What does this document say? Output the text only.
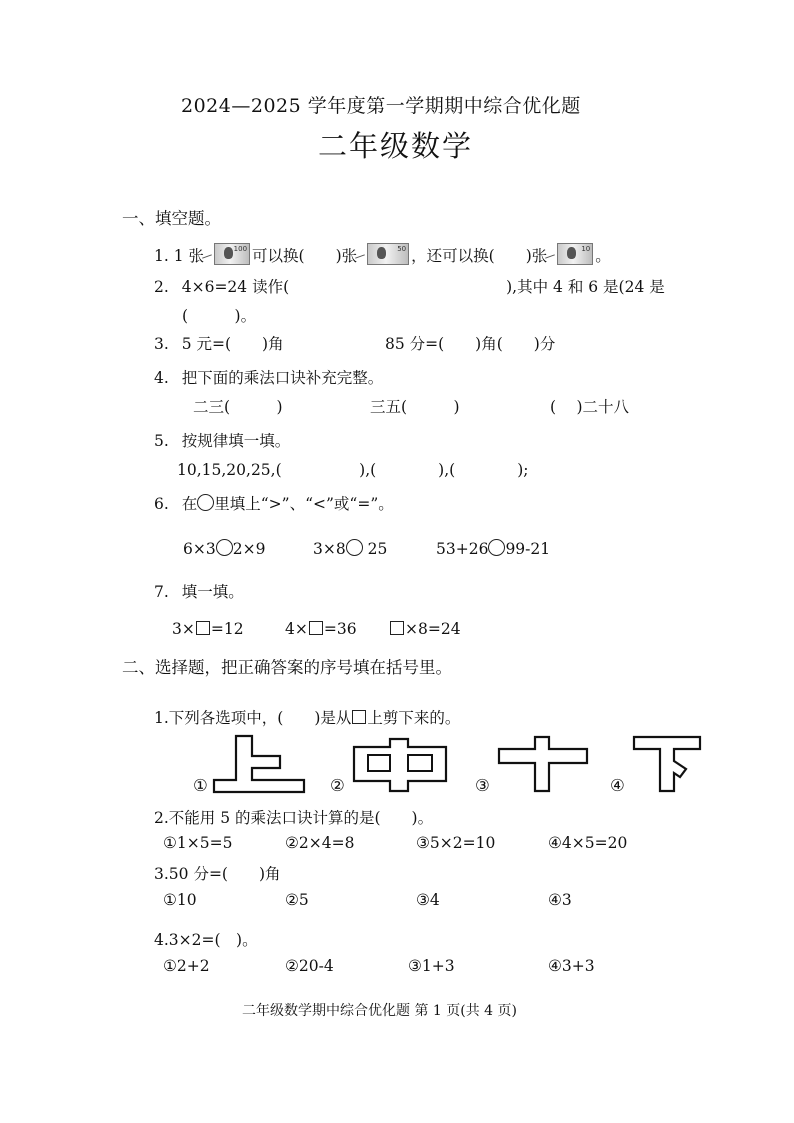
2024—2025 学年度第一学期期中综合优化题
二年级数学
一、填空题。
1. 1 张	100 可以换(　　)张	50 ，还可以换(　　)张	10 。
2. 4×6=24 读作(　　　　　　　　　　　　　　),其中 4 和 6 是(24 是
(　　　)。
3. 5 元=(　　)角	85 分=(　　)角(　　)分
4. 把下面的乘法口诀补充完整。
二三(　　　)	三五(　　　)	(　 )二十八
5. 按规律填一填。
10,15,20,25,(　　　　　),(　　　　),(　　　　);
6. 在 里填上“>”、“<”或“=”。
6×3 2×9	3×8 25	53+26 99-21
7. 填一填。
3× =12	4× =36	×8=24
二、选择题，把正确答案的序号填在括号里。
1.下列各选项中，(　　)是从 上剪下来的。
①	②	③	④
2.不能用 5 的乘法口诀计算的是(　　)。
①1×5=5	②2×4=8	③5×2=10	④4×5=20
3.50 分=(　　)角
①10	②5	③4	④3
4.3×2=(　)。
①2+2	②20-4	③1+3	④3+3
二年级数学期中综合优化题 第 1 页(共 4 页)
